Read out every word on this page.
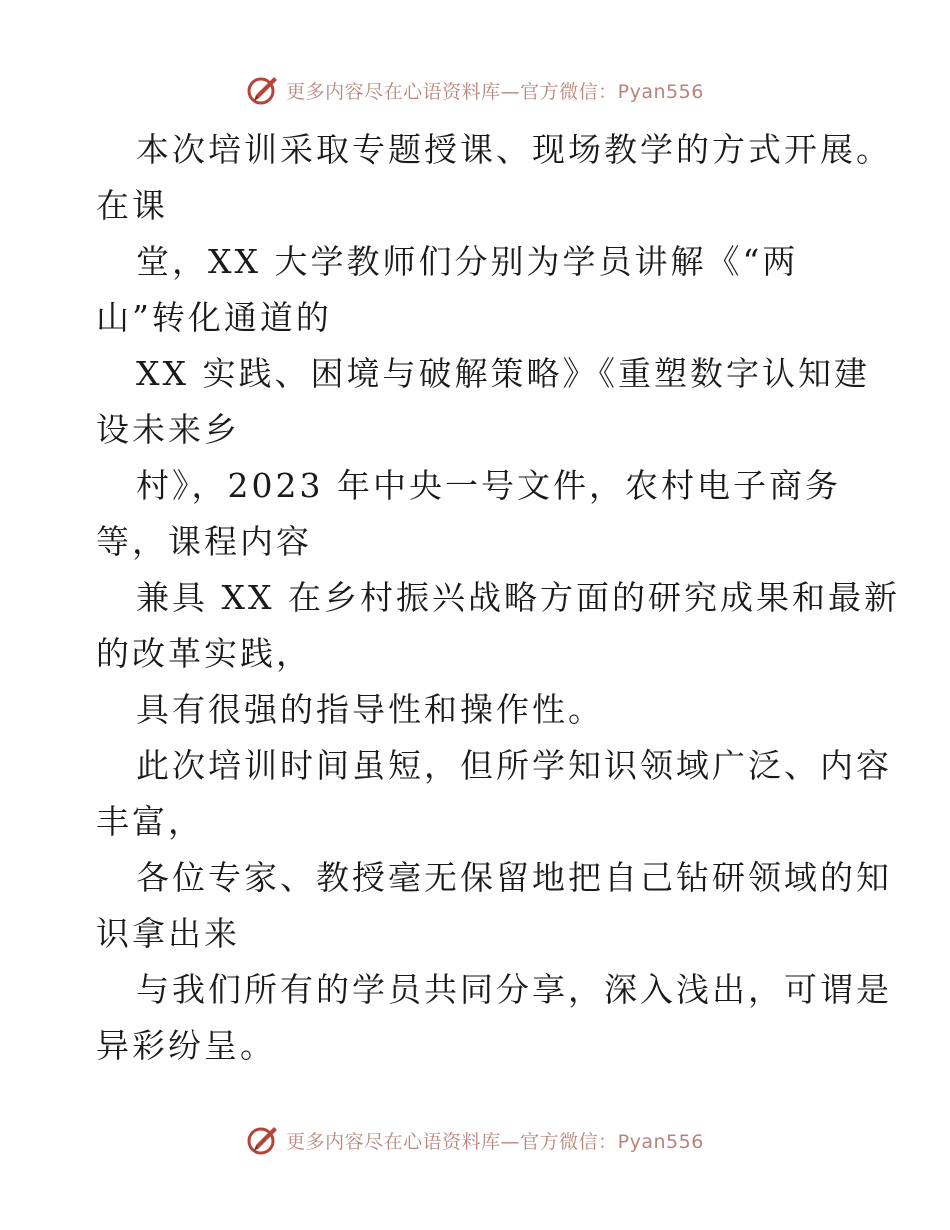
更多内容尽在心语资料库—官方微信：Pyan556
本次培训采取专题授课、现场教学的方式开展。
在课
堂，XX 大学教师们分别为学员讲解《“两
山”转化通道的
XX 实践、困境与破解策略》《重塑数字认知建
设未来乡
村》，2023 年中央一号文件，农村电子商务
等，课程内容
兼具 XX 在乡村振兴战略方面的研究成果和最新
的改革实践，
具有很强的指导性和操作性。
此次培训时间虽短，但所学知识领域广泛、内容
丰富，
各位专家、教授毫无保留地把自己钻研领域的知
识拿出来
与我们所有的学员共同分享，深入浅出，可谓是
异彩纷呈。
更多内容尽在心语资料库—官方微信：Pyan556
